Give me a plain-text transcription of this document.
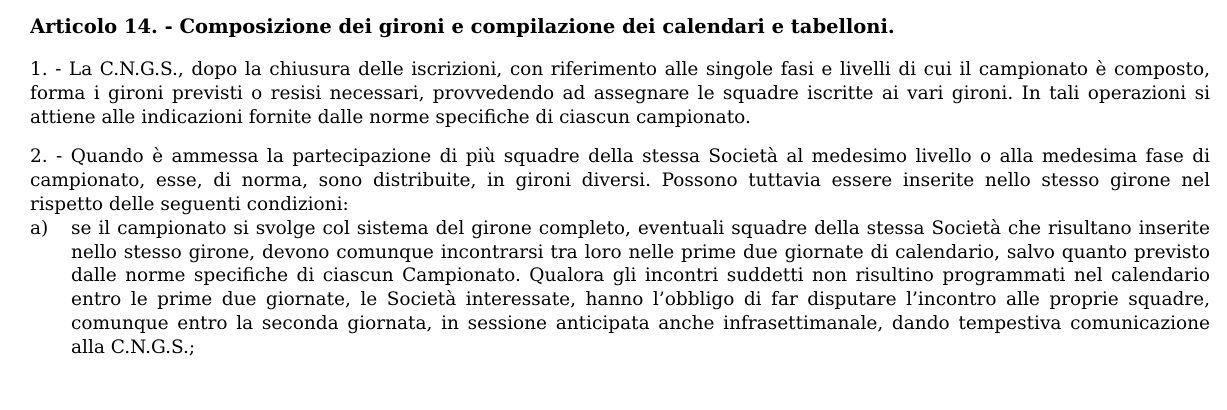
Articolo 14. - Composizione dei gironi e compilazione dei calendari e tabelloni.

1. - La C.N.G.S., dopo la chiusura delle iscrizioni, con riferimento alle singole fasi e livelli di cui il campionato è composto, forma i gironi previsti o resisi necessari, provvedendo ad assegnare le squadre iscritte ai vari gironi. In tali operazioni si attiene alle indicazioni fornite dalle norme specifiche di ciascun campionato.

2. - Quando è ammessa la partecipazione di più squadre della stessa Società al medesimo livello o alla medesima fase di campionato, esse, di norma, sono distribuite, in gironi diversi. Possono tuttavia essere inserite nello stesso girone nel rispetto delle seguenti condizioni:

a)	se il campionato si svolge col sistema del girone completo, eventuali squadre della stessa Società che risultano inserite nello stesso girone, devono comunque incontrarsi tra loro nelle prime due giornate di calendario, salvo quanto previsto dalle norme specifiche di ciascun Campionato. Qualora gli incontri suddetti non risultino programmati nel calendario entro le prime due giornate, le Società interessate, hanno l’obbligo di far disputare l’incontro alle proprie squadre, comunque entro la seconda giornata, in sessione anticipata anche infrasettimanale, dando tempestiva comunicazione alla C.N.G.S.;
